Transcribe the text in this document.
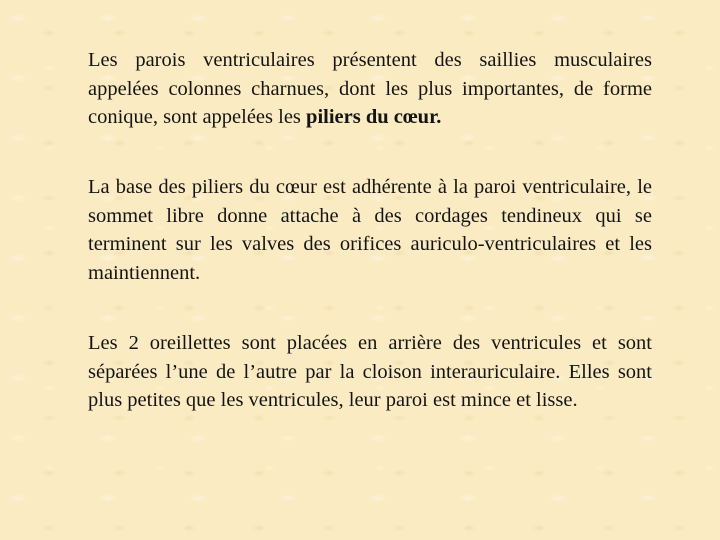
Les parois ventriculaires présentent des saillies musculaires appelées colonnes charnues, dont les plus importantes, de forme conique, sont appelées les piliers du cœur.

La base des piliers du cœur est adhérente à la paroi ventriculaire, le sommet libre donne attache à des cordages tendineux qui se terminent sur les valves des orifices auriculo-ventriculaires et les maintiennent.

Les 2 oreillettes sont placées en arrière des ventricules et sont séparées l’une de l’autre par la cloison interauriculaire. Elles sont plus petites que les ventricules, leur paroi est mince et lisse.
